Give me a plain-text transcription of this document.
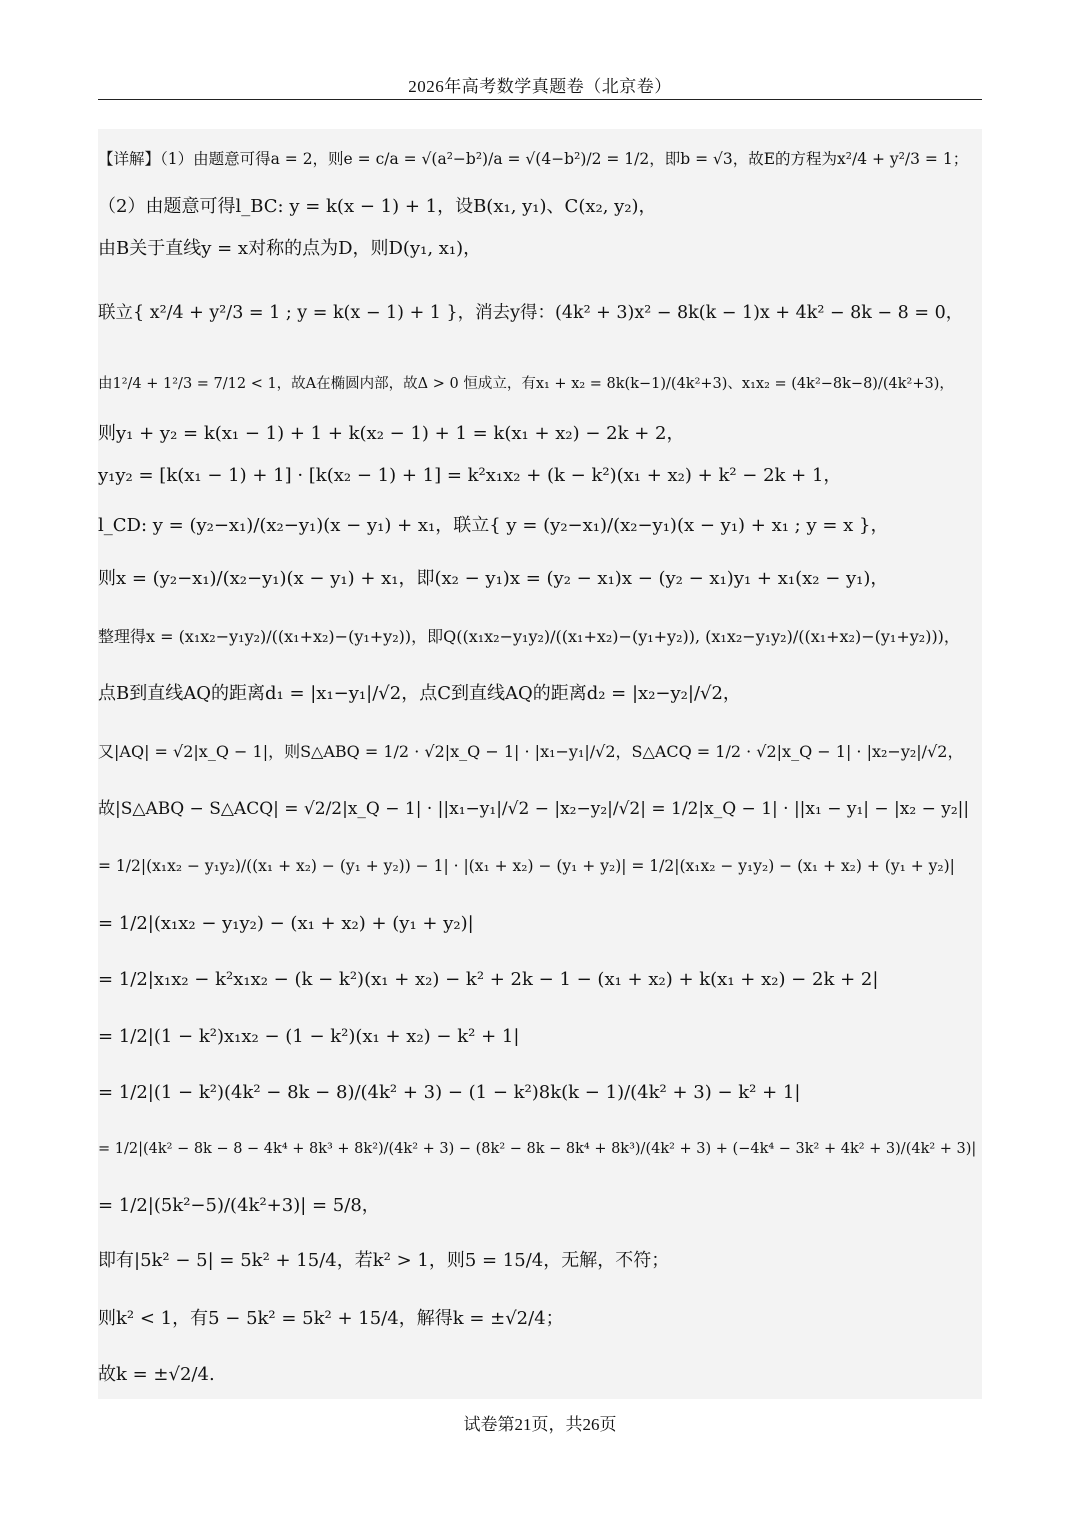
2026年高考数学真题卷（北京卷）
【详解】（1）由题意可得a = 2，则e = c/a = √(a²−b²)/a = √(4−b²)/2 = 1/2，即b = √3，故E的方程为x²/4 + y²/3 = 1；
（2）由题意可得l_BC: y = k(x − 1) + 1，设B(x₁, y₁)、C(x₂, y₂)，
由B关于直线y = x对称的点为D，则D(y₁, x₁)，
联立{ x²/4 + y²/3 = 1 ; y = k(x − 1) + 1 }，消去y得：(4k² + 3)x² − 8k(k − 1)x + 4k² − 8k − 8 = 0，
由1²/4 + 1²/3 = 7/12 < 1，故A在椭圆内部，故Δ > 0 恒成立，有x₁ + x₂ = 8k(k−1)/(4k²+3)、x₁x₂ = (4k²−8k−8)/(4k²+3)，
则y₁ + y₂ = k(x₁ − 1) + 1 + k(x₂ − 1) + 1 = k(x₁ + x₂) − 2k + 2，
y₁y₂ = [k(x₁ − 1) + 1] · [k(x₂ − 1) + 1] = k²x₁x₂ + (k − k²)(x₁ + x₂) + k² − 2k + 1，
l_CD: y = (y₂−x₁)/(x₂−y₁)(x − y₁) + x₁，联立{ y = (y₂−x₁)/(x₂−y₁)(x − y₁) + x₁ ; y = x }，
则x = (y₂−x₁)/(x₂−y₁)(x − y₁) + x₁，即(x₂ − y₁)x = (y₂ − x₁)x − (y₂ − x₁)y₁ + x₁(x₂ − y₁)，
整理得x = (x₁x₂−y₁y₂)/((x₁+x₂)−(y₁+y₂))，即Q((x₁x₂−y₁y₂)/((x₁+x₂)−(y₁+y₂)), (x₁x₂−y₁y₂)/((x₁+x₂)−(y₁+y₂)))，
点B到直线AQ的距离d₁ = |x₁−y₁|/√2，点C到直线AQ的距离d₂ = |x₂−y₂|/√2，
又|AQ| = √2|x_Q − 1|，则S△ABQ = 1/2 · √2|x_Q − 1| · |x₁−y₁|/√2，S△ACQ = 1/2 · √2|x_Q − 1| · |x₂−y₂|/√2，
故|S△ABQ − S△ACQ| = √2/2|x_Q − 1| · ||x₁−y₁|/√2 − |x₂−y₂|/√2| = 1/2|x_Q − 1| · ||x₁ − y₁| − |x₂ − y₂||
= 1/2|(x₁x₂ − y₁y₂)/((x₁ + x₂) − (y₁ + y₂)) − 1| · |(x₁ + x₂) − (y₁ + y₂)| = 1/2|(x₁x₂ − y₁y₂) − (x₁ + x₂) + (y₁ + y₂)|
= 1/2|(x₁x₂ − y₁y₂) − (x₁ + x₂) + (y₁ + y₂)|
= 1/2|x₁x₂ − k²x₁x₂ − (k − k²)(x₁ + x₂) − k² + 2k − 1 − (x₁ + x₂) + k(x₁ + x₂) − 2k + 2|
= 1/2|(1 − k²)x₁x₂ − (1 − k²)(x₁ + x₂) − k² + 1|
= 1/2|(1 − k²)(4k² − 8k − 8)/(4k² + 3) − (1 − k²)8k(k − 1)/(4k² + 3) − k² + 1|
= 1/2|(4k² − 8k − 8 − 4k⁴ + 8k³ + 8k²)/(4k² + 3) − (8k² − 8k − 8k⁴ + 8k³)/(4k² + 3) + (−4k⁴ − 3k² + 4k² + 3)/(4k² + 3)|
= 1/2|(5k²−5)/(4k²+3)| = 5/8，
即有|5k² − 5| = 5k² + 15/4，若k² > 1，则5 = 15/4，无解，不符；
则k² < 1，有5 − 5k² = 5k² + 15/4，解得k = ±√2/4；
故k = ±√2/4.
试卷第21页，共26页
